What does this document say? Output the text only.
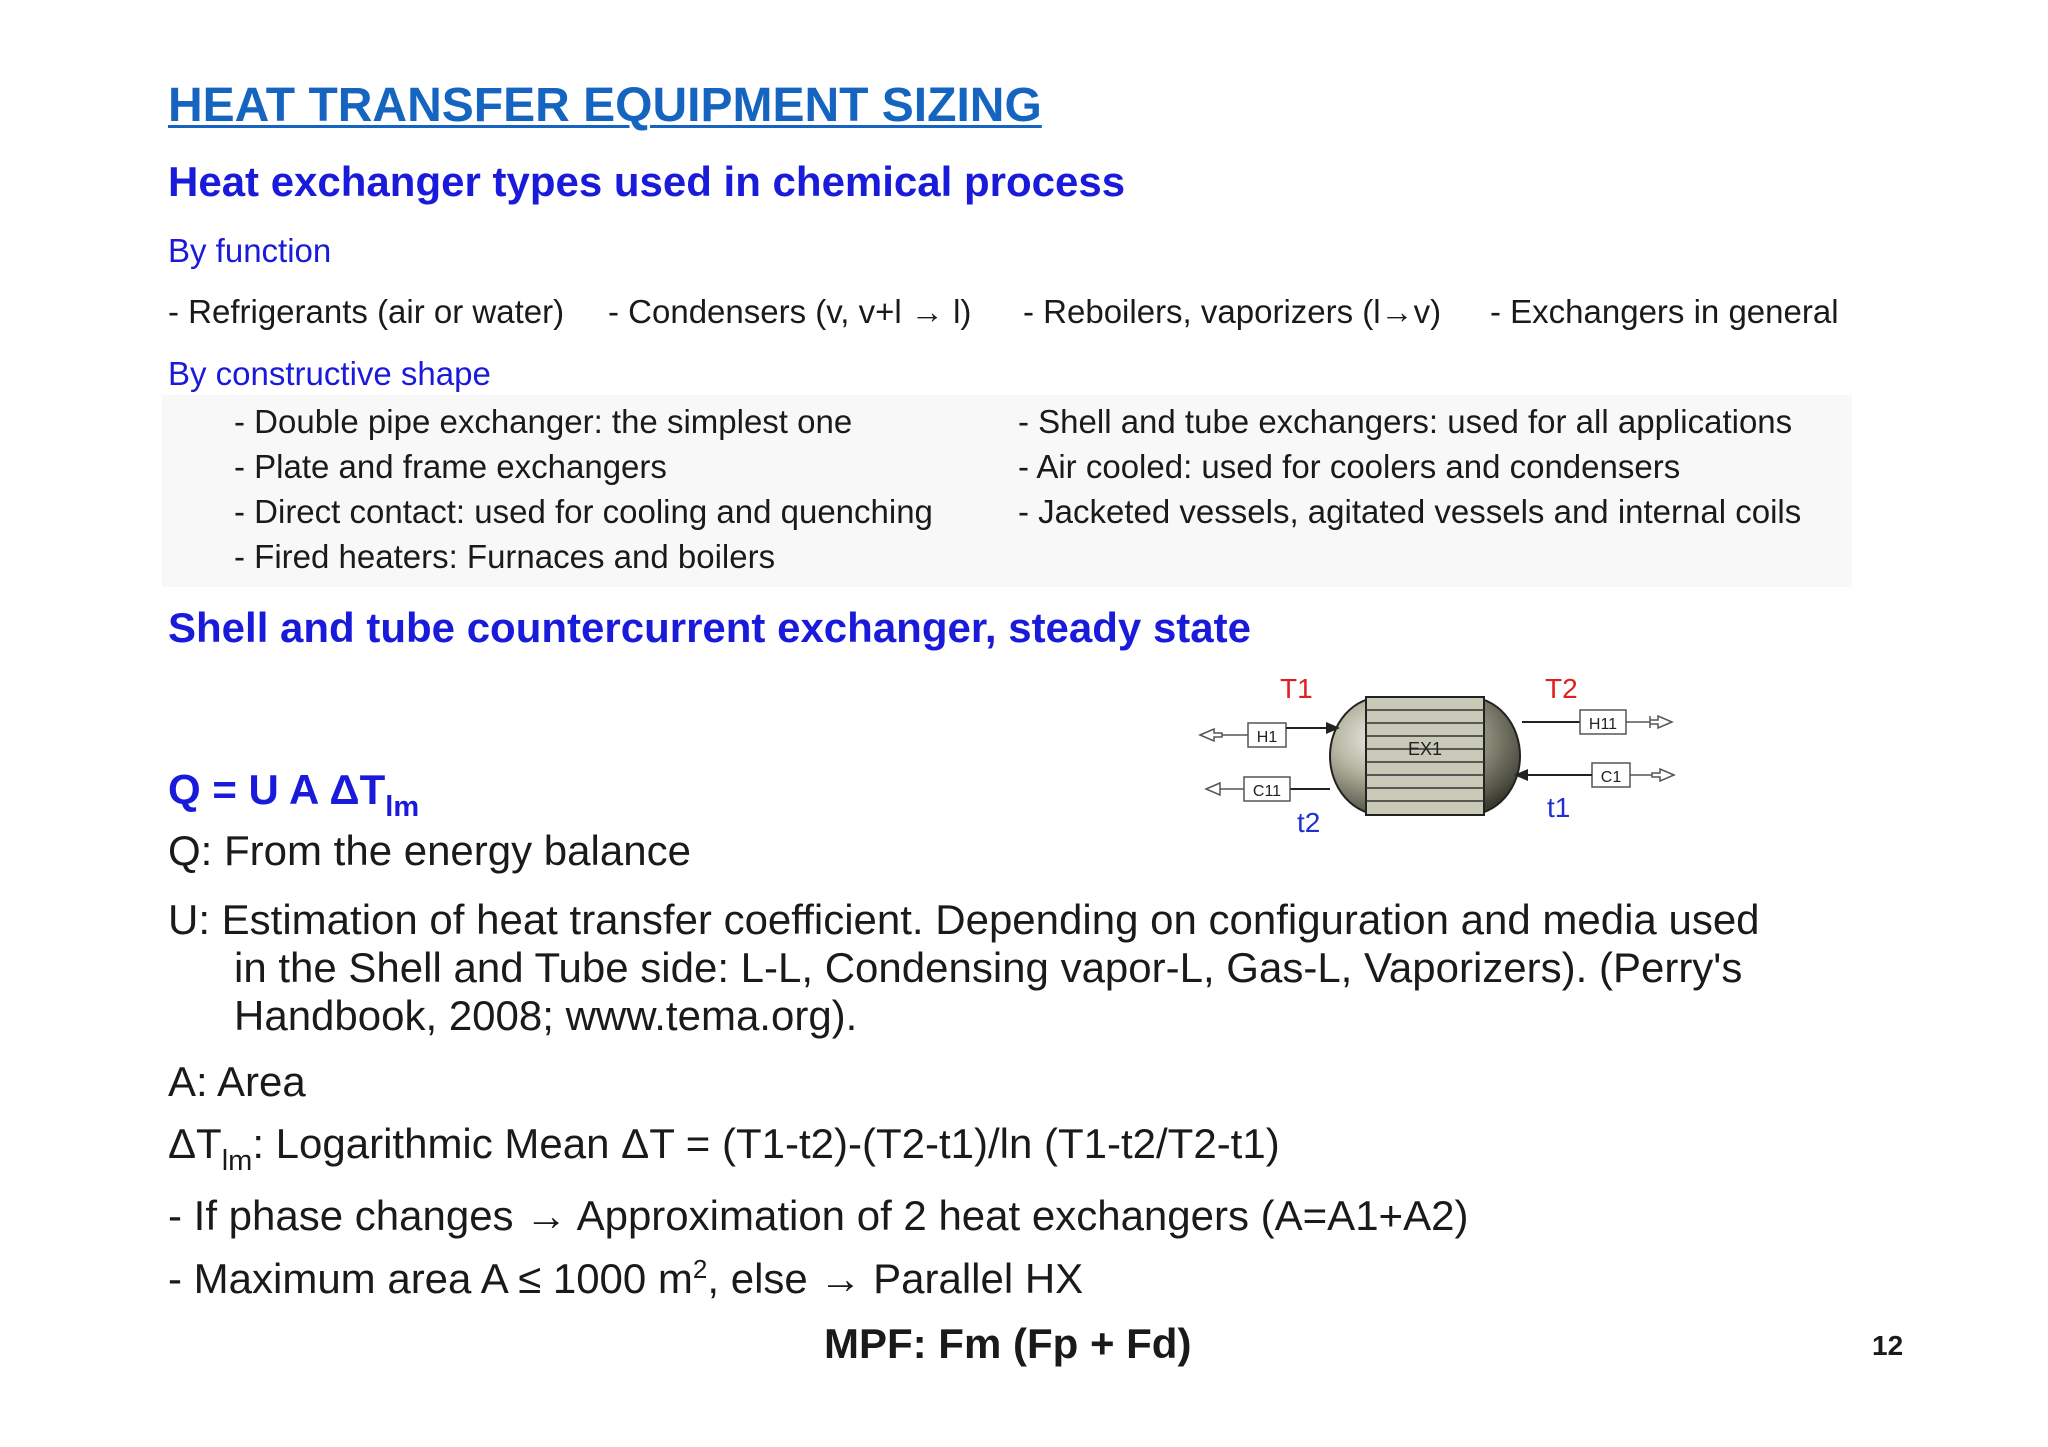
HEAT TRANSFER EQUIPMENT SIZING
Heat exchanger types used in chemical process
By function
- Refrigerants (air or water) - Condensers (v, v+l → l) - Reboilers, vaporizers (l→v) - Exchangers in general
By constructive shape
- Double pipe exchanger: the simplest one
- Plate and frame exchangers
- Direct contact: used for cooling and quenching
- Fired heaters: Furnaces and boilers
- Shell and tube exchangers: used for all applications
- Air cooled: used for coolers and condensers
- Jacketed vessels, agitated vessels and internal coils
Shell and tube countercurrent exchanger, steady state
T1	T2
t2	t1
EX1
H1
H11
C1
C11
Q = U A $\Delta T_{lm}$
Q: From the energy balance
U: Estimation of heat transfer coefficient. Depending on configuration and media used
in the Shell and Tube side: L-L, Condensing vapor-L, Gas-L, Vaporizers). (Perry's
Handbook, 2008; www.tema.org).
A: Area
$\Delta T_{lm}$: Logarithmic Mean ΔT = (T1-t2)-(T2-t1)/ln (T1-t2/T2-t1)
- If phase changes → Approximation of 2 heat exchangers (A=A1+A2)
- Maximum area A ≤ 1000 $m^2$, else → Parallel HX
MPF: Fm (Fp + Fd)	12
